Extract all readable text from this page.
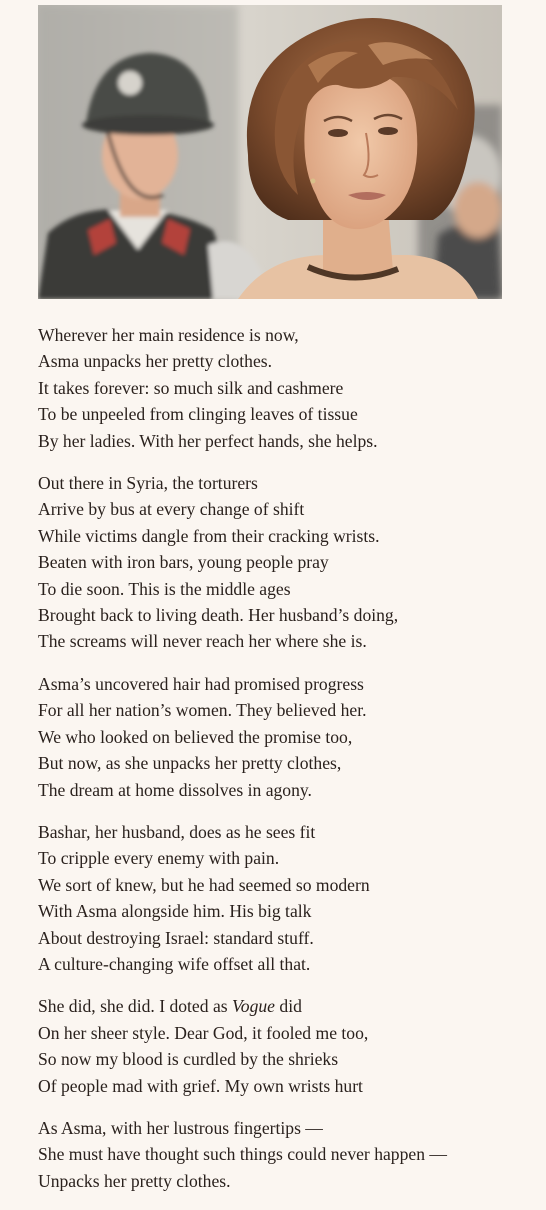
Wherever her main residence is now,
Asma unpacks her pretty clothes.
It takes forever: so much silk and cashmere
To be unpeeled from clinging leaves of tissue
By her ladies. With her perfect hands, she helps.
Out there in Syria, the torturers
Arrive by bus at every change of shift
While victims dangle from their cracking wrists.
Beaten with iron bars, young people pray
To die soon. This is the middle ages
Brought back to living death. Her husband’s doing,
The screams will never reach her where she is.
Asma’s uncovered hair had promised progress
For all her nation’s women. They believed her.
We who looked on believed the promise too,
But now, as she unpacks her pretty clothes,
The dream at home dissolves in agony.
Bashar, her husband, does as he sees fit
To cripple every enemy with pain.
We sort of knew, but he had seemed so modern
With Asma alongside him. His big talk
About destroying Israel: standard stuff.
A culture-changing wife offset all that.
She did, she did. I doted as Vogue did
On her sheer style. Dear God, it fooled me too,
So now my blood is curdled by the shrieks
Of people mad with grief. My own wrists hurt
As Asma, with her lustrous fingertips —
She must have thought such things could never happen —
Unpacks her pretty clothes.
